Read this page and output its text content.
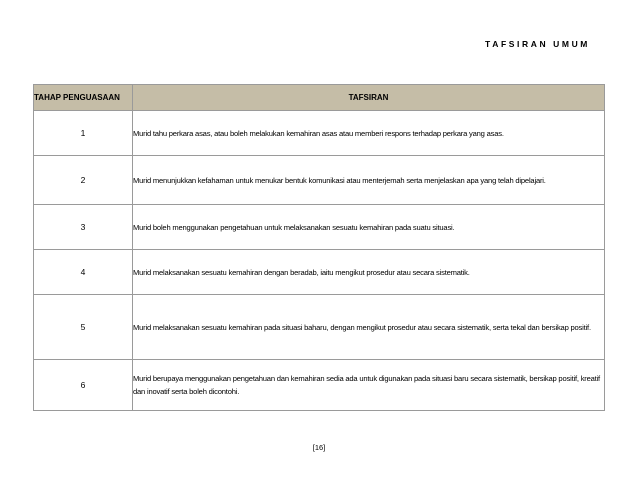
TAFSIRAN UMUM
TAHAP PENGUASAAN	TAFSIRAN
1	Murid tahu perkara asas, atau boleh melakukan kemahiran asas atau memberi respons terhadap perkara yang asas.
2	Murid menunjukkan kefahaman untuk menukar bentuk komunikasi atau menterjemah serta menjelaskan apa yang telah dipelajari.
3	Murid boleh menggunakan pengetahuan untuk melaksanakan sesuatu kemahiran pada suatu situasi.
4	Murid melaksanakan sesuatu kemahiran dengan beradab, iaitu mengikut prosedur atau secara sistematik.
5	Murid melaksanakan sesuatu kemahiran pada situasi baharu, dengan mengikut prosedur atau secara sistematik, serta tekal dan bersikap positif.
6	Murid berupaya menggunakan pengetahuan dan kemahiran sedia ada untuk digunakan pada situasi baru secara sistematik, bersikap positif, kreatif dan inovatif serta boleh dicontohi.
[16]
